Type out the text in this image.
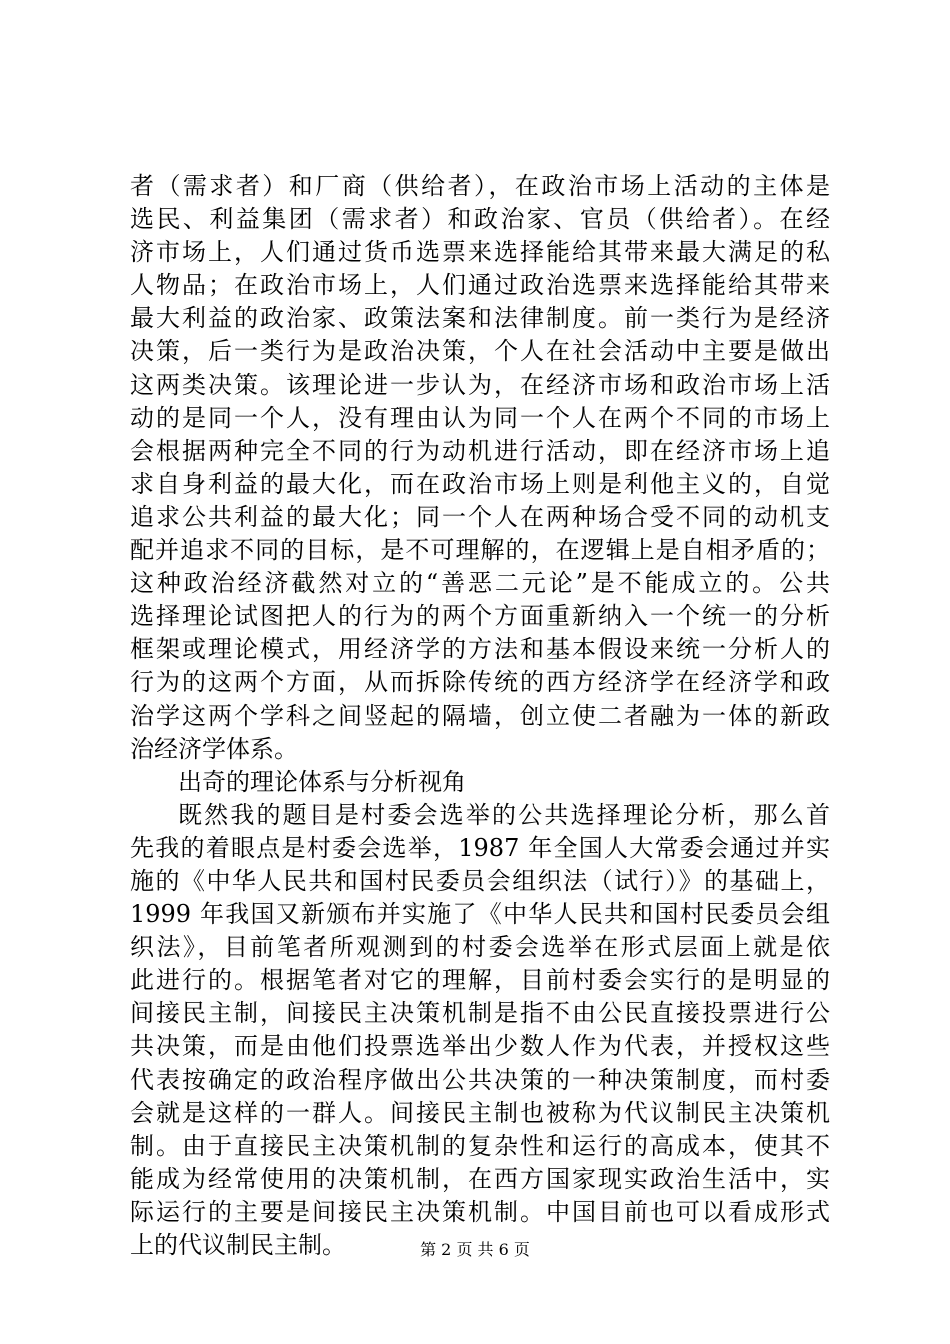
者（需求者）和厂商（供给者），在政治市场上活动的主体是
选民、利益集团（需求者）和政治家、官员（供给者）。在经
济市场上，人们通过货币选票来选择能给其带来最大满足的私
人物品；在政治市场上，人们通过政治选票来选择能给其带来
最大利益的政治家、政策法案和法律制度。前一类行为是经济
决策，后一类行为是政治决策，个人在社会活动中主要是做出
这两类决策。该理论进一步认为，在经济市场和政治市场上活
动的是同一个人，没有理由认为同一个人在两个不同的市场上
会根据两种完全不同的行为动机进行活动，即在经济市场上追
求自身利益的最大化，而在政治市场上则是利他主义的，自觉
追求公共利益的最大化；同一个人在两种场合受不同的动机支
配并追求不同的目标，是不可理解的，在逻辑上是自相矛盾的；
这种政治经济截然对立的“善恶二元论”是不能成立的。公共
选择理论试图把人的行为的两个方面重新纳入一个统一的分析
框架或理论模式，用经济学的方法和基本假设来统一分析人的
行为的这两个方面，从而拆除传统的西方经济学在经济学和政
治学这两个学科之间竖起的隔墙，创立使二者融为一体的新政
治经济学体系。
出奇的理论体系与分析视角
既然我的题目是村委会选举的公共选择理论分析，那么首
先我的着眼点是村委会选举，1987 年全国人大常委会通过并实
施的《中华人民共和国村民委员会组织法（试行）》的基础上，
1999 年我国又新颁布并实施了《中华人民共和国村民委员会组
织法》，目前笔者所观测到的村委会选举在形式层面上就是依
此进行的。根据笔者对它的理解，目前村委会实行的是明显的
间接民主制，间接民主决策机制是指不由公民直接投票进行公
共决策，而是由他们投票选举出少数人作为代表，并授权这些
代表按确定的政治程序做出公共决策的一种决策制度，而村委
会就是这样的一群人。间接民主制也被称为代议制民主决策机
制。由于直接民主决策机制的复杂性和运行的高成本，使其不
能成为经常使用的决策机制，在西方国家现实政治生活中，实
际运行的主要是间接民主决策机制。中国目前也可以看成形式
上的代议制民主制。	第 2 页 共 6 页
